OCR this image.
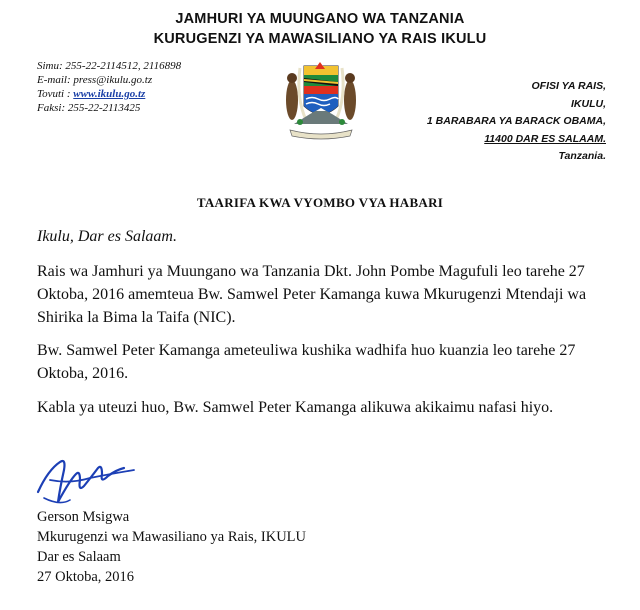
JAMHURI YA MUUNGANO WA TANZANIA
KURUGENZI YA MAWASILIANO YA RAIS IKULU
Simu: 255-22-2114512, 2116898
E-mail: press@ikulu.go.tz
Tovuti : www.ikulu.go.tz
Faksi: 255-22-2113425
OFISI YA RAIS,
IKULU,
1 BARABARA YA BARACK OBAMA,
11400 DAR ES SALAAM.
Tanzania.
TAARIFA KWA VYOMBO VYA HABARI
Ikulu, Dar es Salaam.
Rais wa Jamhuri ya Muungano wa Tanzania Dkt. John Pombe Magufuli leo tarehe 27 Oktoba, 2016 amemteua Bw. Samwel Peter Kamanga kuwa Mkurugenzi Mtendaji wa Shirika la Bima la Taifa (NIC).
Bw. Samwel Peter Kamanga ameteuliwa kushika wadhifa huo kuanzia leo tarehe 27 Oktoba, 2016.
Kabla ya uteuzi huo, Bw. Samwel Peter Kamanga alikuwa akikaimu nafasi hiyo.
Gerson Msigwa
Mkurugenzi wa Mawasiliano ya Rais, IKULU
Dar es Salaam
27 Oktoba, 2016
